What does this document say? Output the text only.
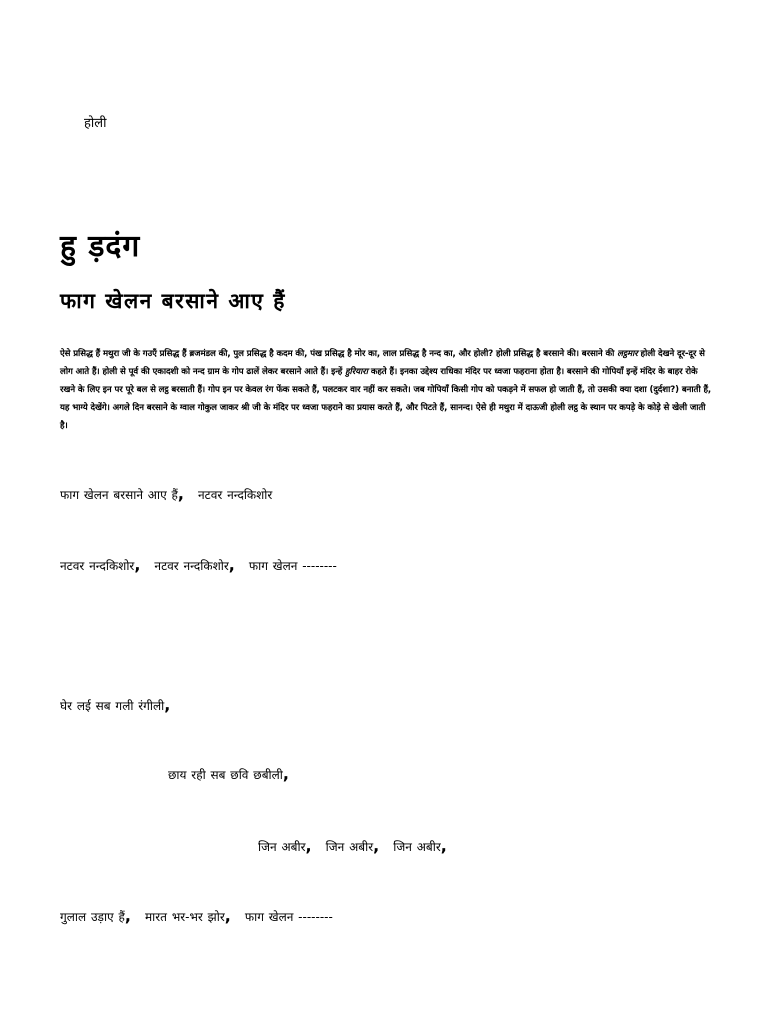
होली
हु ड़दंग
फाग खेलन बरसाने आए हैं
ऐसे प्रसिद्ध हैं मथुरा जी के गउएँ प्रसिद्ध हैं ब्रजमंडल की, पुल प्रसिद्ध है कदम की, पंख प्रसिद्ध है मोर का, लाल प्रसिद्ध है नन्द का, और होली? होली प्रसिद्ध है बरसाने की। बरसाने की लट्ठमार होली देखने दूर-दूर से लोग आते हैं। होली से पूर्व की एकादशी को नन्द ग्राम के गोप ढालें लेकर बरसाने आते हैं। इन्हें हुरियारा कहते हैं। इनका उद्देश्य राधिका मंदिर पर ध्वजा फहराना होता है। बरसाने की गोपियाँ इन्हें मंदिर के बाहर रोके रखने के लिए इन पर पूरे बल से लट्ठ बरसाती हैं। गोप इन पर केवल रंग फेंक सकते हैं, पलटकर वार नहीं कर सकते। जब गोपियाँ किसी गोप को पकड़ने में सफल हो जाती हैं, तो उसकी क्या दशा (दुर्दशा?) बनाती हैं, यह भाग्ये देखेंगे। अगले दिन बरसाने के ग्वाल गोकुल जाकर श्री जी के मंदिर पर ध्वजा फहराने का प्रयास करते हैं, और पिटते हैं, सानन्द। ऐसे ही मथुरा में दाऊजी होली लट्ठ के स्थान पर कपड़े के कोड़े से खेली जाती है।
फाग खेलन बरसाने आए हैं, नटवर नन्दकिशोर
नटवर नन्दकिशोर, नटवर नन्दकिशोर, फाग खेलन --------
घेर लई सब गली रंगीली,
छाय रही सब छवि छबीली,
जिन अबीर, जिन अबीर, जिन अबीर,
गुलाल उड़ाए हैं, मारत भर-भर झोर, फाग खेलन --------
